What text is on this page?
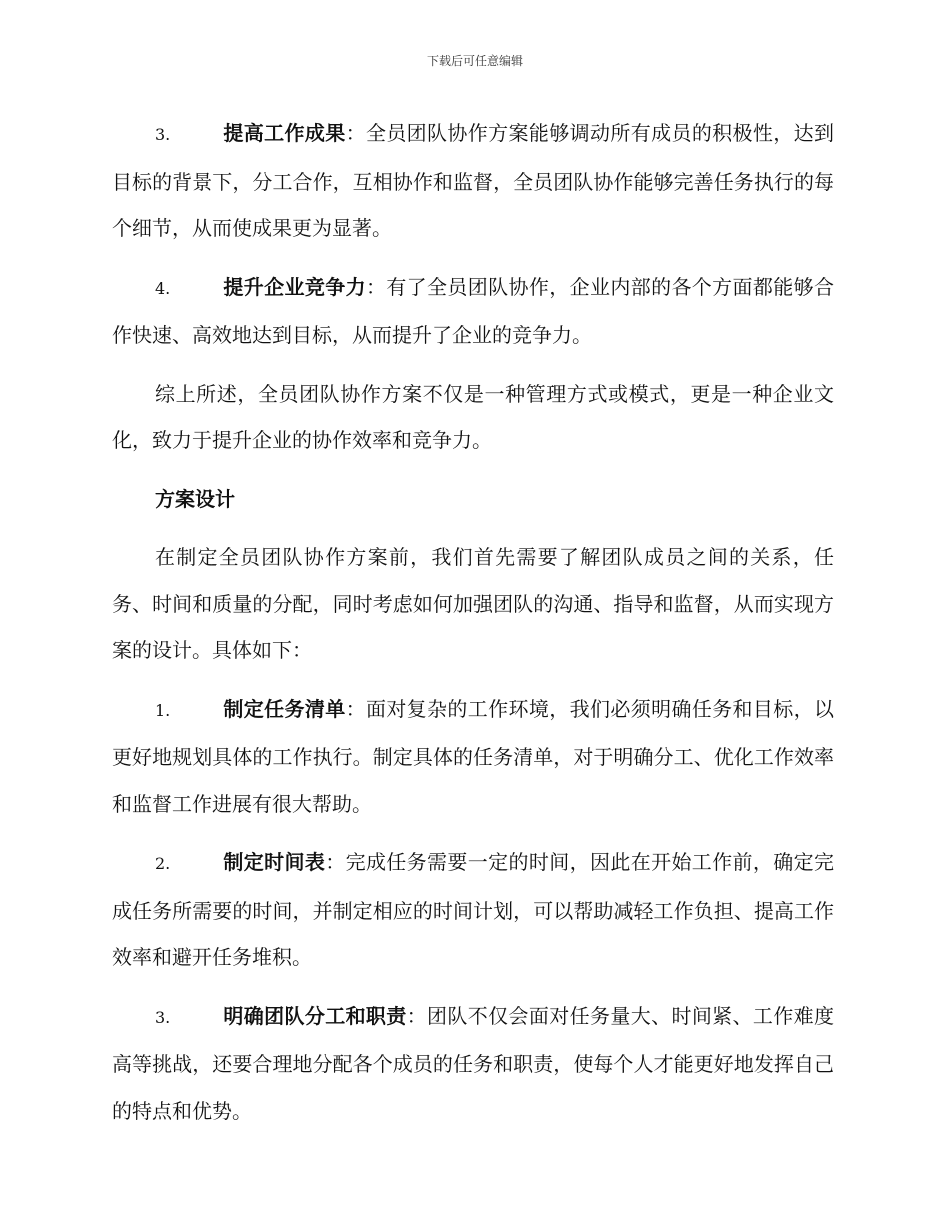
下载后可任意编辑

3.	提高工作成果：全员团队协作方案能够调动所有成员的积极性，达到目标的背景下，分工合作，互相协作和监督，全员团队协作能够完善任务执行的每个细节，从而使成果更为显著。

4.	提升企业竞争力：有了全员团队协作，企业内部的各个方面都能够合作快速、高效地达到目标，从而提升了企业的竞争力。

综上所述，全员团队协作方案不仅是一种管理方式或模式，更是一种企业文化，致力于提升企业的协作效率和竞争力。

方案设计

在制定全员团队协作方案前，我们首先需要了解团队成员之间的关系，任务、时间和质量的分配，同时考虑如何加强团队的沟通、指导和监督，从而实现方案的设计。具体如下：

1.	制定任务清单：面对复杂的工作环境，我们必须明确任务和目标，以更好地规划具体的工作执行。制定具体的任务清单，对于明确分工、优化工作效率和监督工作进展有很大帮助。

2.	制定时间表：完成任务需要一定的时间，因此在开始工作前，确定完成任务所需要的时间，并制定相应的时间计划，可以帮助减轻工作负担、提高工作效率和避开任务堆积。

3.	明确团队分工和职责：团队不仅会面对任务量大、时间紧、工作难度高等挑战，还要合理地分配各个成员的任务和职责，使每个人才能更好地发挥自己的特点和优势。
